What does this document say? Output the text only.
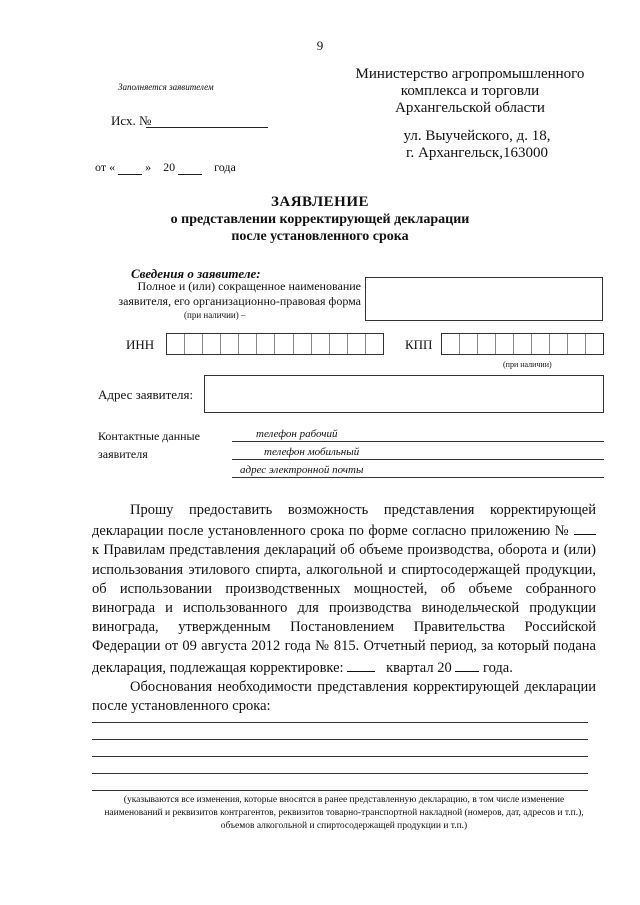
9
Заполняется заявителем
Министерство агропромышленного
комплекса и торговли
Архангельской области
Исх. №
ул. Выучейского, д. 18,
г. Архангельск,163000
от «	» 20	года
ЗАЯВЛЕНИЕ
о представлении корректирующей декларации
после установленного срока
Сведения о заявителе:
Полное и (или) сокращенное наименование
заявителя, его организационно-правовая форма
(при наличии) –
ИНН	КПП
(при наличии)
Адрес заявителя:
Контактные данные
заявителя
телефон рабочий
телефон мобильный
адрес электронной почты

Прошу предоставить возможность представления корректирующей декларации после установленного срока по форме согласно приложению №  к Правилам представления деклараций об объеме производства, оборота и (или) использования этилового спирта, алкогольной и спиртосодержащей продукции, об использовании производственных мощностей, об объеме собранного винограда и использованного для производства винодельческой продукции винограда, утвержденным Постановлением Правительства Российской Федерации от 09 августа 2012 года № 815. Отчетный период, за который подана декларация, подлежащая корректировке:	квартал 20 года.

Обоснования необходимости представления корректирующей декларации после установленного срока:

(указываются все изменения, которые вносятся в ранее представленную декларацию, в том числе изменение наименований и реквизитов контрагентов, реквизитов товарно-транспортной накладной (номеров, дат, адресов и т.п.), объемов алкогольной и спиртосодержащей продукции и т.п.)
